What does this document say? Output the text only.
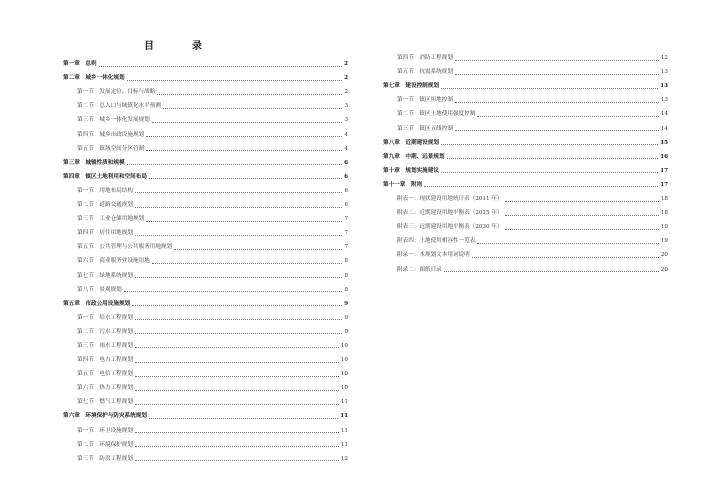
目　录
第一章　总则	2
第二章　城乡一体化规划	2
第一节　发展定位、目标与战略	2
第二节　总人口与城镇化水平预测	3
第三节　城乡一体化发展规划	3
第四节　城乡市政设施规划	4
第五节　镇域空间分区管制	4
第三章　城镇性质和规模	6
第四章　镇区土地利用和空间布局	6
第一节　用地布局结构	6
第二节　道路交通规划	6
第三节　工业仓储用地规划	7
第四节　居住用地规划	7
第五节　公共管理与公共服务用地规划	7
第六节　商业服务业设施用地	8
第七节　绿地系统规划	8
第八节　景观规划	8
第五章　市政公用设施规划	9
第一节　给水工程规划	9
第二节　污水工程规划	9
第三节　雨水工程规划	10
第四节　电力工程规划	10
第五节　电信工程规划	10
第六节　热力工程规划	10
第七节　燃气工程规划	11
第六章　环境保护与防灾系统规划	11
第一节　环卫设施规划	11
第二节　环境保护规划	11
第三节　防洪工程规划	12
第四节　消防工程规划	12
第五节　抗震系统规划	13
第七章　建设控制规划	13
第一节　镇区用地控制	13
第二节　镇区土地使用强度控制	14
第三节　镇区五线控制	14
第八章　近期建设规划	15
第九章　中期、远景规划	16
第十章　规划实施建议	17
第十一章　附则	17
附表一：现状建设用地统计表（2011 年）	18
附表二：近期建设用地平衡表（2015 年）	18
附表三：远期建设用地平衡表（2030 年）	19
附表四：土地使用相容性一览表	19
附录一：本规划文本用词说明	20
附录二：图纸目录	20
